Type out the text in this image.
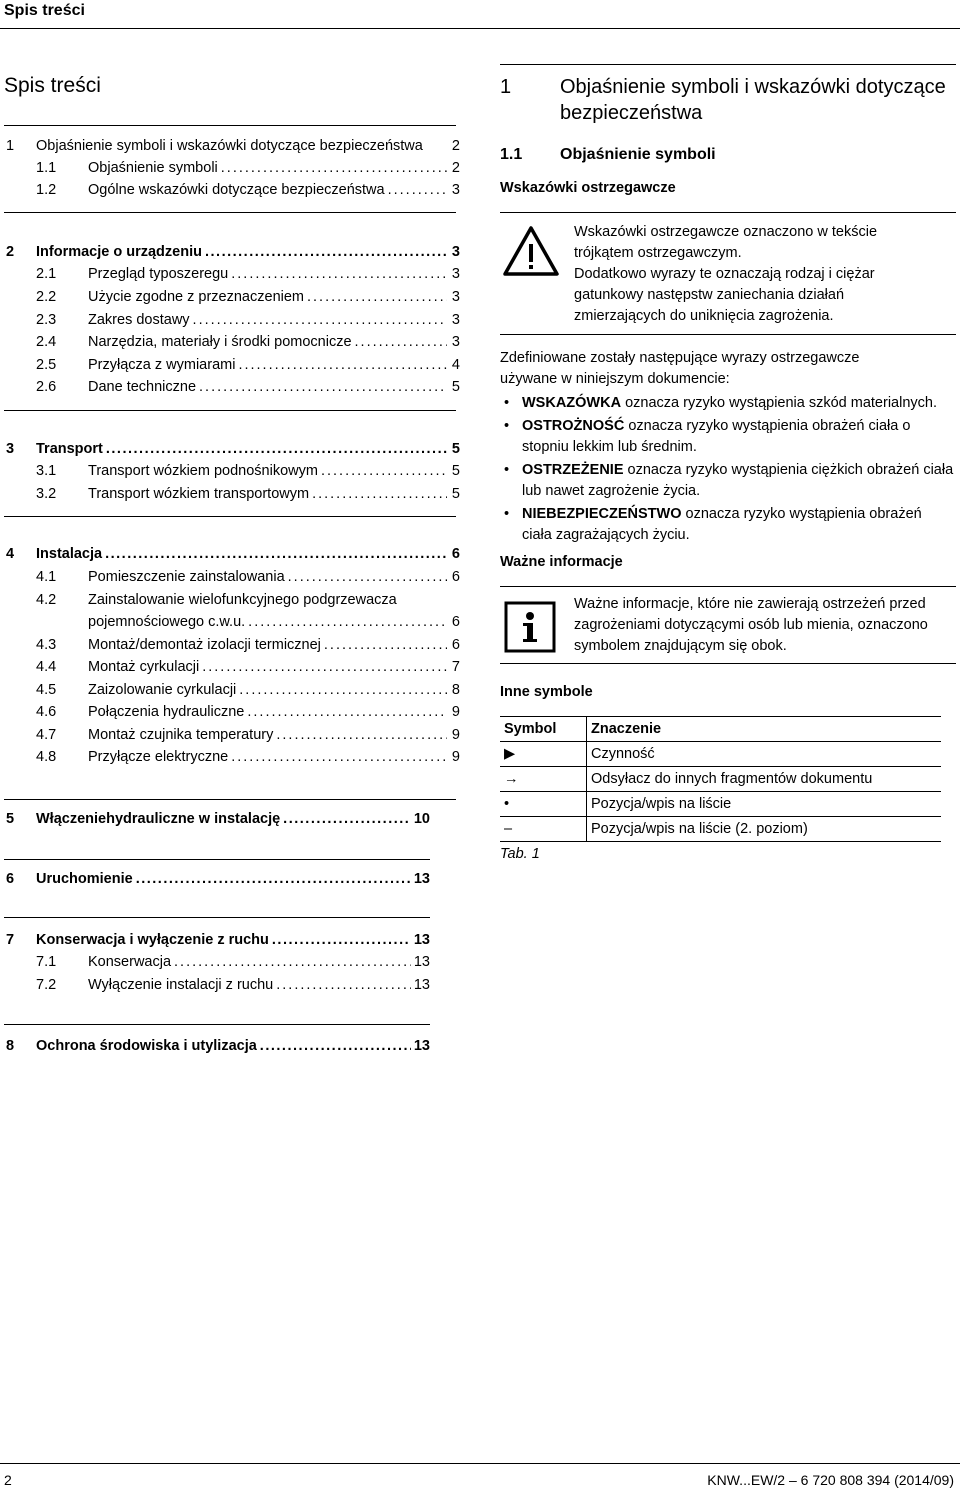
Spis treści
Spis treści
1	Objaśnienie symboli i wskazówki dotyczące bezpieczeństwa 2
1.1	Objaśnienie symboli .....	2
1.2	Ogólne wskazówki dotyczące bezpieczeństwa .....	3
2	Informacje o urządzeniu .....	3
2.1	Przegląd typoszeregu .....	3
2.2	Użycie zgodne z przeznaczeniem .....	3
2.3	Zakres dostawy .....	3
2.4	Narzędzia, materiały i środki pomocnicze .....	3
2.5	Przyłącza z wymiarami .....	4
2.6	Dane techniczne .....	5
3	Transport .....	5
3.1	Transport wózkiem podnośnikowym .....	5
3.2	Transport wózkiem transportowym .....	5
4	Instalacja .....	6
4.1	Pomieszczenie zainstalowania .....	6
4.2	Zainstalowanie wielofunkcyjnego podgrzewacza
pojemnościowego c.w.u. .....	6
4.3	Montaż/demontaż izolacji termicznej .....	6
4.4	Montaż cyrkulacji .....	7
4.5	Zaizolowanie cyrkulacji .....	8
4.6	Połączenia hydrauliczne .....	9
4.7	Montaż czujnika temperatury .....	9
4.8	Przyłącze elektryczne .....	9
5	Włączeniehydrauliczne w instalację .....	10
6	Uruchomienie .....	13
7	Konserwacja i wyłączenie z ruchu .....	13
7.1	Konserwacja .....	13
7.2	Wyłączenie instalacji z ruchu .....	13
8	Ochrona środowiska i utylizacja .....	13
1	Objaśnienie symboli i wskazówki dotyczące bezpieczeństwa
1.1 Objaśnienie symboli
Wskazówki ostrzegawcze
Wskazówki ostrzegawcze oznaczono w tekście
trójkątem ostrzegawczym.
Dodatkowo wyrazy te oznaczają rodzaj i ciężar
gatunkowy następstw zaniechania działań
zmierzających do uniknięcia zagrożenia.
Zdefiniowane zostały następujące wyrazy ostrzegawcze używane w niniejszym dokumencie:
• WSKAZÓWKA oznacza ryzyko wystąpienia szkód materialnych.
• OSTROŻNOŚĆ oznacza ryzyko wystąpienia obrażeń ciała o stopniu lekkim lub średnim.
• OSTRZEŻENIE oznacza ryzyko wystąpienia ciężkich obrażeń ciała lub nawet zagrożenie życia.
• NIEBEZPIECZEŃSTWO oznacza ryzyko wystąpienia obrażeń ciała zagrażających życiu.
Ważne informacje
Ważne informacje, które nie zawierają ostrzeżeń przed
zagrożeniami dotyczącymi osób lub mienia, oznaczono
symbolem znajdującym się obok.
Inne symbole
Symbol	Znaczenie
▶	Czynność
→	Odsyłacz do innych fragmentów dokumentu
•	Pozycja/wpis na liście
–	Pozycja/wpis na liście (2. poziom)
Tab. 1
2	KNW...EW/2 – 6 720 808 394 (2014/09)
